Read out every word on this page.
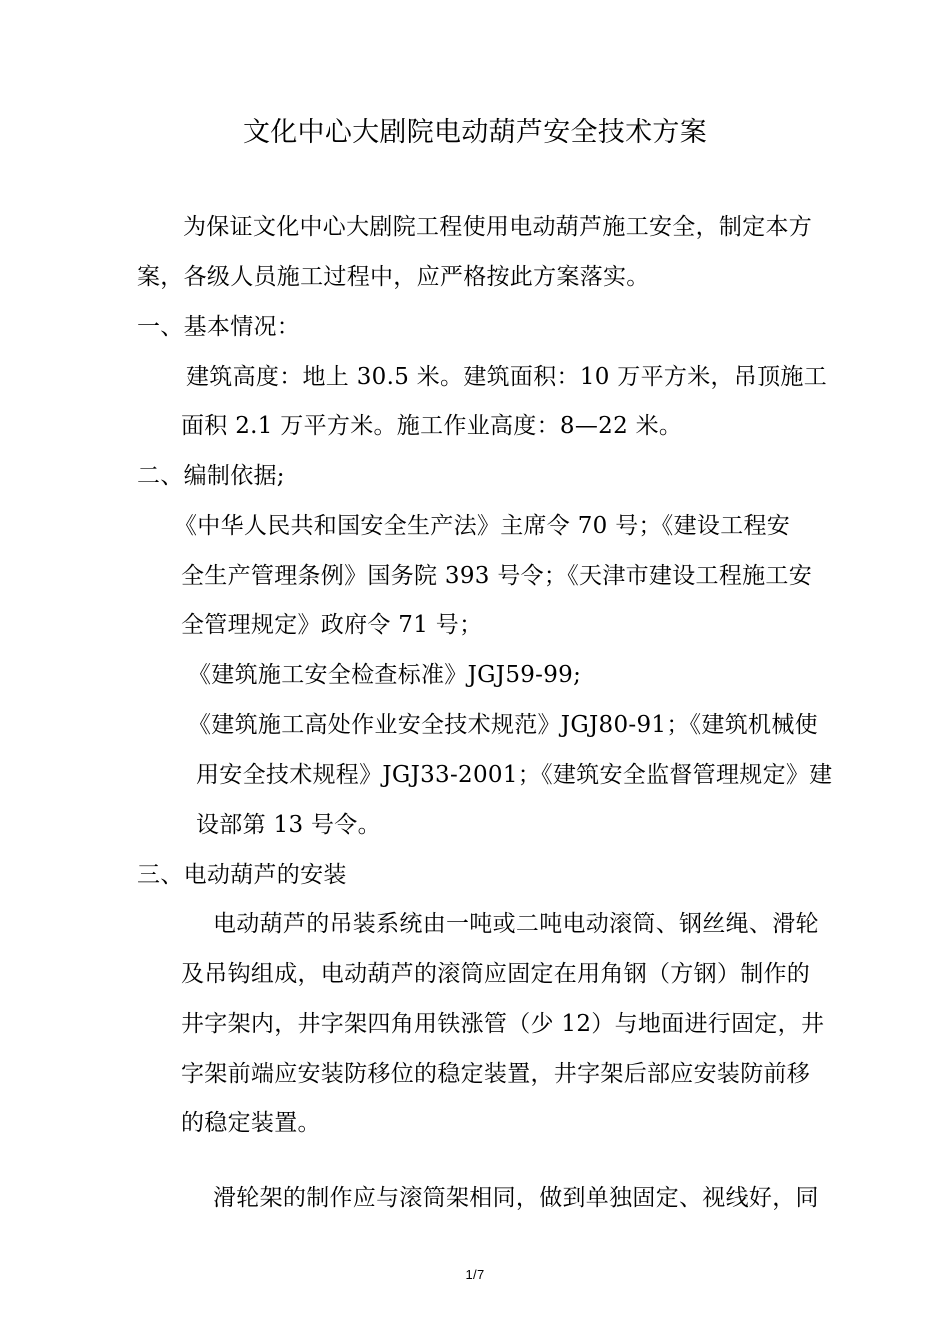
文化中心大剧院电动葫芦安全技术方案
为保证文化中心大剧院工程使用电动葫芦施工安全，制定本方
案，各级人员施工过程中，应严格按此方案落实。
一、基本情况：
建筑高度：地上 30.5 米。建筑面积：10 万平方米，吊顶施工
面积 2.1 万平方米。施工作业高度：8—22 米。
二、编制依据;
《中华人民共和国安全生产法》主席令 70 号；《建设工程安
全生产管理条例》国务院 393 号令；《天津市建设工程施工安
全管理规定》政府令 71 号；
《建筑施工安全检查标准》JGJ59-99;
《建筑施工高处作业安全技术规范》JGJ80-91；《建筑机械使
用安全技术规程》JGJ33-2001；《建筑安全监督管理规定》建
设部第 13 号令。
三、电动葫芦的安装
电动葫芦的吊装系统由一吨或二吨电动滚筒、钢丝绳、滑轮
及吊钩组成，电动葫芦的滚筒应固定在用角钢（方钢）制作的
井字架内，井字架四角用铁涨管（少 12）与地面进行固定，井
字架前端应安装防移位的稳定装置，井字架后部应安装防前移
的稳定装置。
滑轮架的制作应与滚筒架相同，做到单独固定、视线好，同
1/7
